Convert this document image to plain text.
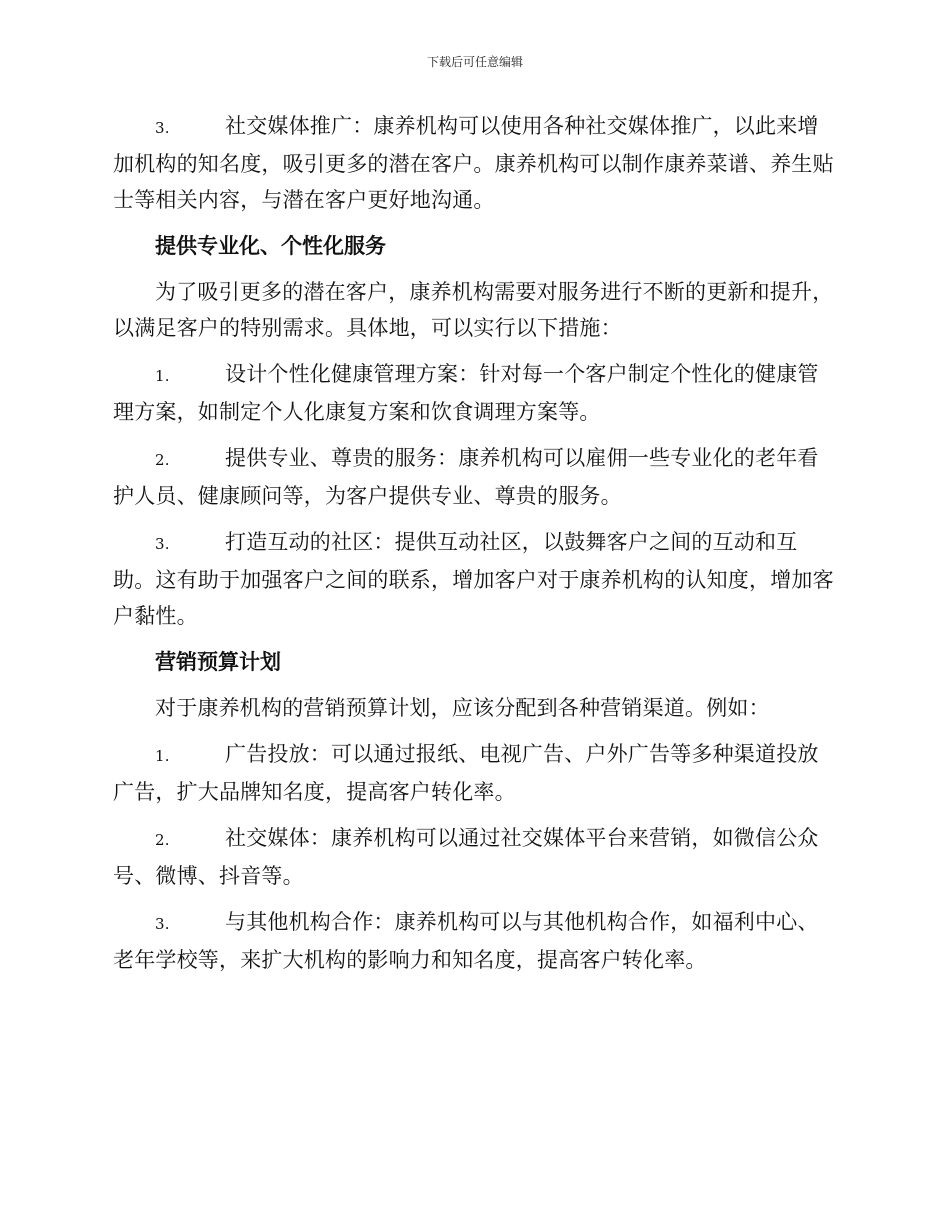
下载后可任意编辑

3.	社交媒体推广：康养机构可以使用各种社交媒体推广，以此来增加机构的知名度，吸引更多的潜在客户。康养机构可以制作康养菜谱、养生贴士等相关内容，与潜在客户更好地沟通。

提供专业化、个性化服务

为了吸引更多的潜在客户，康养机构需要对服务进行不断的更新和提升，以满足客户的特别需求。具体地，可以实行以下措施：

1.	设计个性化健康管理方案：针对每一个客户制定个性化的健康管理方案，如制定个人化康复方案和饮食调理方案等。

2.	提供专业、尊贵的服务：康养机构可以雇佣一些专业化的老年看护人员、健康顾问等，为客户提供专业、尊贵的服务。

3.	打造互动的社区：提供互动社区，以鼓舞客户之间的互动和互助。这有助于加强客户之间的联系，增加客户对于康养机构的认知度，增加客户黏性。

营销预算计划

对于康养机构的营销预算计划，应该分配到各种营销渠道。例如：

1.	广告投放：可以通过报纸、电视广告、户外广告等多种渠道投放广告，扩大品牌知名度，提高客户转化率。

2.	社交媒体：康养机构可以通过社交媒体平台来营销，如微信公众号、微博、抖音等。

3.	与其他机构合作：康养机构可以与其他机构合作，如福利中心、老年学校等，来扩大机构的影响力和知名度，提高客户转化率。
